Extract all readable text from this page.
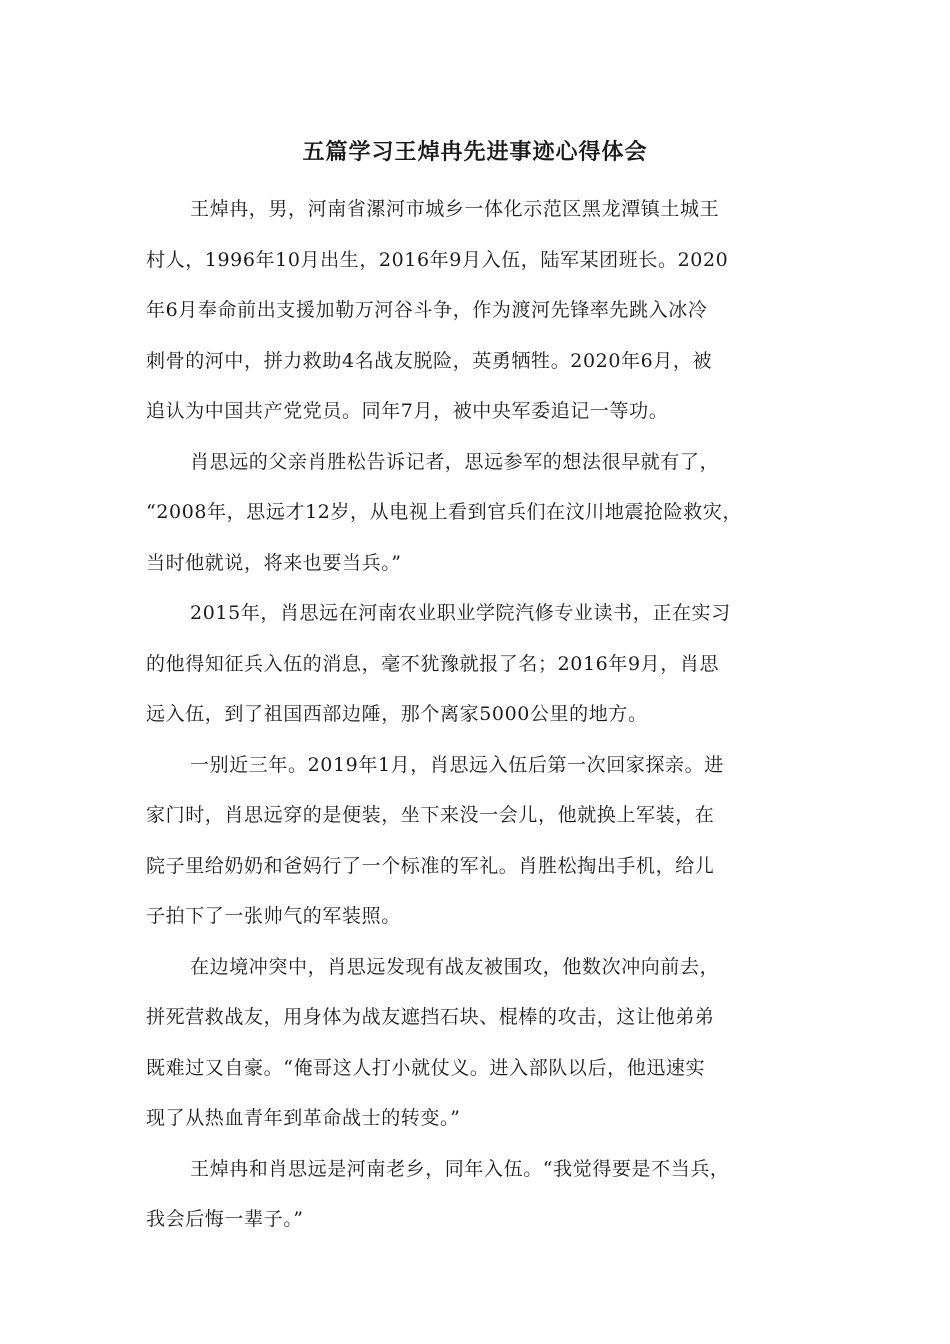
五篇学习王焯冉先进事迹心得体会
王焯冉，男，河南省漯河市城乡一体化示范区黑龙潭镇土城王
村人，1996年10月出生，2016年9月入伍，陆军某团班长。2020
年6月奉命前出支援加勒万河谷斗争，作为渡河先锋率先跳入冰冷
刺骨的河中，拼力救助4名战友脱险，英勇牺牲。2020年6月，被
追认为中国共产党党员。同年7月，被中央军委追记一等功。
肖思远的父亲肖胜松告诉记者，思远参军的想法很早就有了，
“2008年，思远才12岁，从电视上看到官兵们在汶川地震抢险救灾，
当时他就说，将来也要当兵。”
2015年，肖思远在河南农业职业学院汽修专业读书，正在实习
的他得知征兵入伍的消息，毫不犹豫就报了名；2016年9月，肖思
远入伍，到了祖国西部边陲，那个离家5000公里的地方。
一别近三年。2019年1月，肖思远入伍后第一次回家探亲。进
家门时，肖思远穿的是便装，坐下来没一会儿，他就换上军装，在
院子里给奶奶和爸妈行了一个标准的军礼。肖胜松掏出手机，给儿
子拍下了一张帅气的军装照。
在边境冲突中，肖思远发现有战友被围攻，他数次冲向前去，
拼死营救战友，用身体为战友遮挡石块、棍棒的攻击，这让他弟弟
既难过又自豪。“俺哥这人打小就仗义。进入部队以后，他迅速实
现了从热血青年到革命战士的转变。”
王焯冉和肖思远是河南老乡，同年入伍。“我觉得要是不当兵，
我会后悔一辈子。”
